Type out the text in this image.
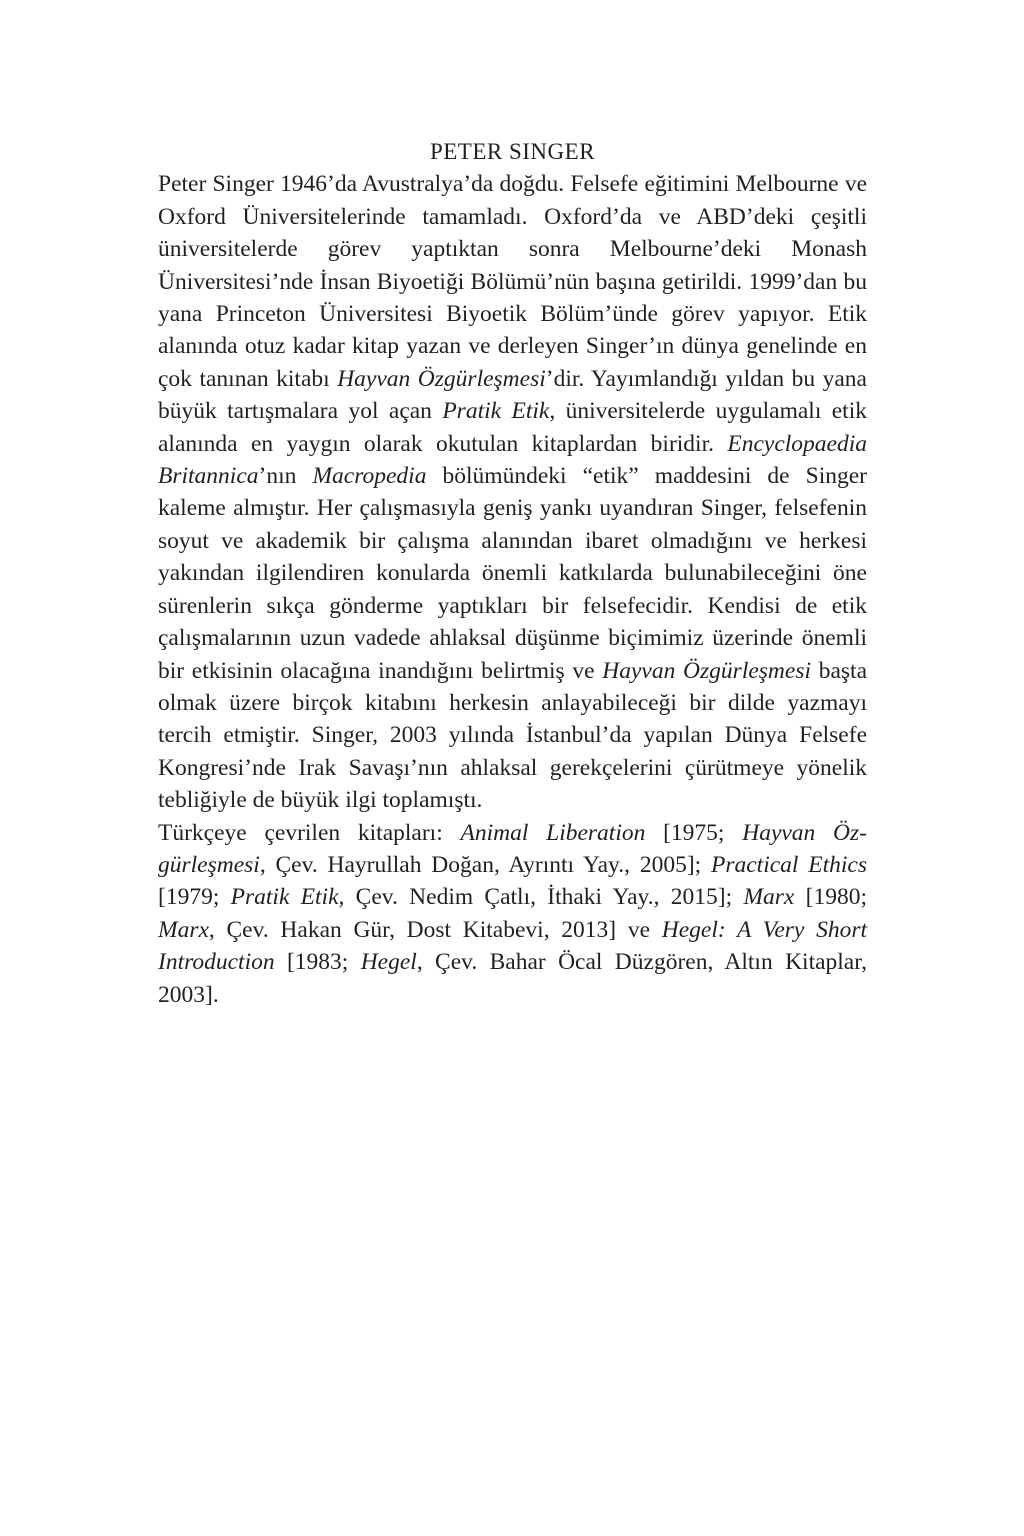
PETER SINGER

Peter Singer 1946’da Avustralya’da doğdu. Felsefe eğitimini Melbourne ve Oxford Üniversitelerinde tamamladı. Oxford’da ve ABD’deki çeşitli üniversitelerde görev yaptıktan sonra Melbourne’deki Monash Üniversitesi’nde İnsan Biyoetiği Bölümü’nün başına getirildi. 1999’dan bu yana Princeton Üniversitesi Biyoetik Bölüm’ünde görev yapıyor. Etik alanında otuz kadar kitap yazan ve derleyen Singer’ın dünya genelinde en çok tanınan kitabı Hayvan Özgürleşmesi’dir. Yayımlandığı yıldan bu yana büyük tartışmalara yol açan Pratik Etik, üniversitelerde uygulamalı etik alanında en yaygın olarak okutulan kitaplardan biridir. Encyclopaedia Britannica’nın Macropedia bölümündeki “etik” maddesini de Singer kaleme almıştır. Her çalışmasıyla geniş yankı uyandıran Singer, felsefenin soyut ve akademik bir çalışma alanından ibaret olmadığını ve herkesi yakından ilgilendiren konularda önemli katkılarda bulunabileceğini öne sürenlerin sıkça gönderme yaptıkları bir felsefecidir. Kendisi de etik çalışmalarının uzun vadede ahlaksal düşünme biçimimiz üzerinde önemli bir etkisinin olacağına inandığını belirtmiş ve Hayvan Özgürleşmesi başta olmak üzere birçok kitabını herkesin anlayabileceği bir dilde yazmayı tercih etmiştir. Singer, 2003 yılında İstanbul’da yapılan Dünya Felsefe Kongresi’nde Irak Savaşı’nın ahlaksal gerekçelerini çürütmeye yönelik tebliğiyle de büyük ilgi toplamıştı.

Türkçeye çevrilen kitapları: Animal Liberation [1975; Hayvan Özgürleşmesi, Çev. Hayrullah Doğan, Ayrıntı Yay., 2005]; Practical Ethics [1979; Pratik Etik, Çev. Nedim Çatlı, İthaki Yay., 2015]; Marx [1980; Marx, Çev. Hakan Gür, Dost Kitabevi, 2013] ve Hegel: A Very Short Introduction [1983; Hegel, Çev. Bahar Öcal Düzgören, Altın Kitaplar, 2003].
